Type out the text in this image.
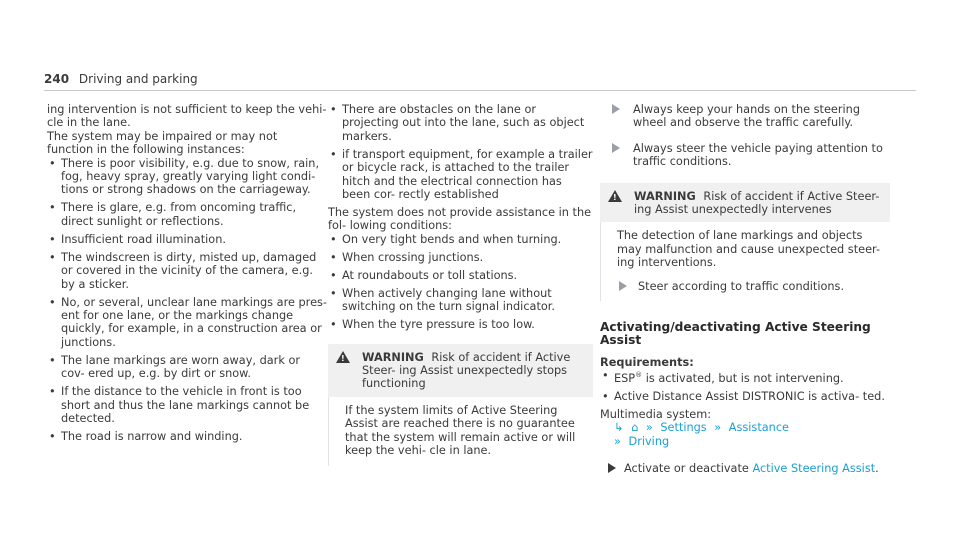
240 Driving and parking

ing intervention is not sufficient to keep the vehi- cle in the lane.

The system may be impaired or may not function in the following instances:

• There is poor visibility, e.g. due to snow, rain, fog, heavy spray, greatly varying light condi- tions or strong shadows on the carriageway.
• There is glare, e.g. from oncoming traffic, direct sunlight or reflections.
• Insufficient road illumination.
• The windscreen is dirty, misted up, damaged or covered in the vicinity of the camera, e.g. by a sticker.
• No, or several, unclear lane markings are pres- ent for one lane, or the markings change quickly, for example, in a construction area or junctions.
• The lane markings are worn away, dark or cov- ered up, e.g. by dirt or snow.
• If the distance to the vehicle in front is too short and thus the lane markings cannot be detected.
• The road is narrow and winding.
• There are obstacles on the lane or projecting out into the lane, such as object markers.
• if transport equipment, for example a trailer or bicycle rack, is attached to the trailer hitch and the electrical connection has been cor- rectly established

The system does not provide assistance in the fol- lowing conditions:

• On very tight bends and when turning.
• When crossing junctions.
• At roundabouts or toll stations.
• When actively changing lane without switching on the turn signal indicator.
• When the tyre pressure is too low.
!
WARNING Risk of accident if Active Steer- ing Assist unexpectedly stops functioning

If the system limits of Active Steering Assist are reached there is no guarantee that the system will remain active or will keep the vehi- cle in lane.

Always keep your hands on the steering wheel and observe the traffic carefully.

Always steer the vehicle paying attention to traffic conditions.

!
WARNING Risk of accident if Active Steer- ing Assist unexpectedly intervenes

The detection of lane markings and objects may malfunction and cause unexpected steer- ing interventions.

Steer according to traffic conditions.

Activating/deactivating Active Steering Assist

Requirements:

• ESP® is activated, but is not intervening.
• Active Distance Assist DISTRONIC is activa- ted.

Multimedia system:

↳ ⌂ » Settings » Assistance

» Driving

Activate or deactivate Active Steering Assist.
